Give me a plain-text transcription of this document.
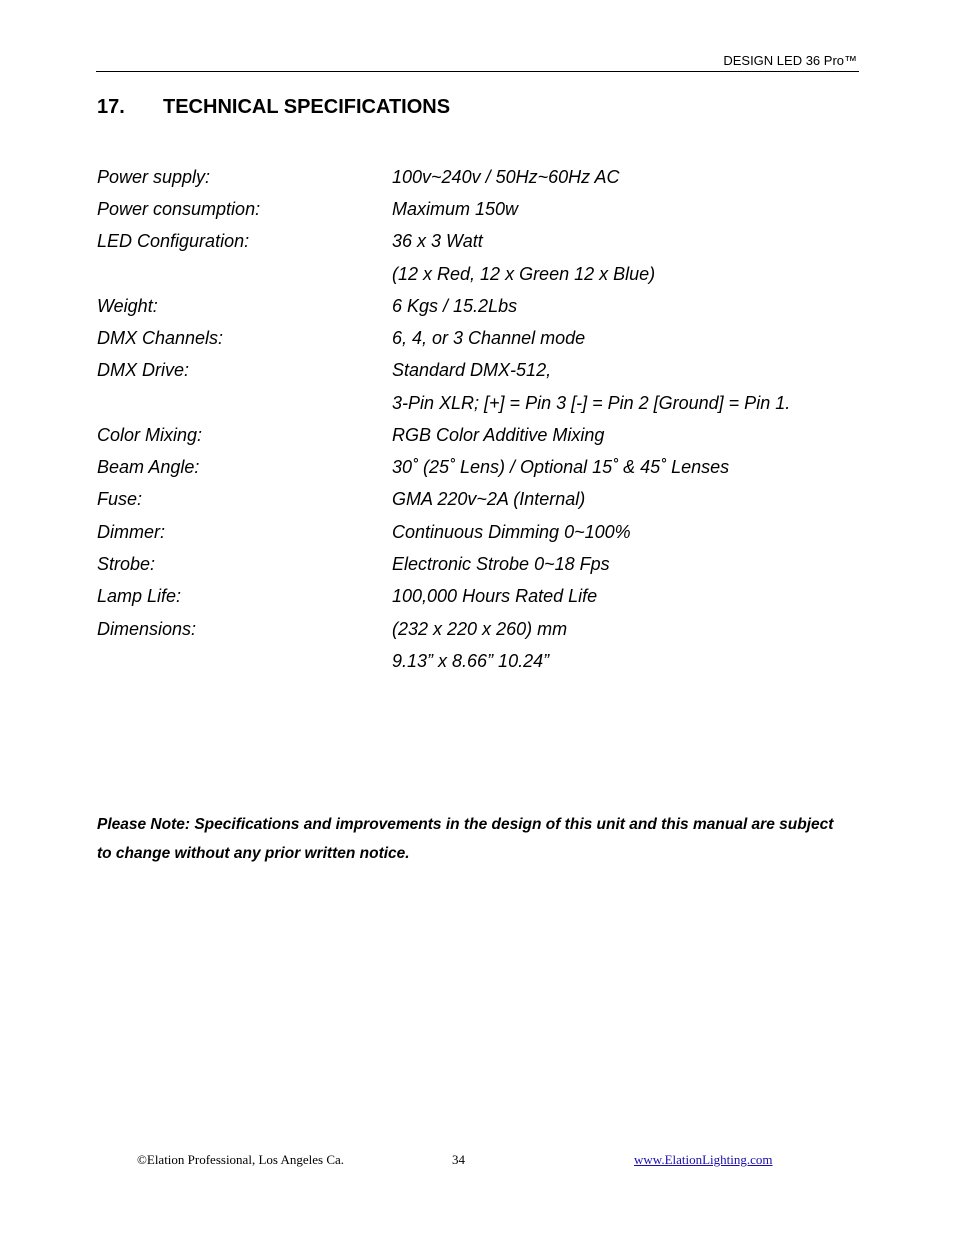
DESIGN LED 36 Pro™
17. TECHNICAL SPECIFICATIONS
Power supply:	100v~240v / 50Hz~60Hz AC
Power consumption:	Maximum 150w
LED Configuration:	36 x 3 Watt
(12 x Red, 12 x Green 12 x Blue)
Weight:	6 Kgs / 15.2Lbs
DMX Channels:	6, 4, or 3 Channel mode
DMX Drive:	Standard DMX-512,
3-Pin XLR; [+] = Pin 3 [-] = Pin 2 [Ground] = Pin 1.
Color Mixing:	RGB Color Additive Mixing
Beam Angle:	30˚ (25˚ Lens) / Optional 15˚ & 45˚ Lenses
Fuse:	GMA 220v~2A (Internal)
Dimmer:	Continuous Dimming 0~100%
Strobe:	Electronic Strobe 0~18 Fps
Lamp Life:	100,000 Hours Rated Life
Dimensions:	(232 x 220 x 260) mm
9.13” x 8.66” 10.24”
Please Note: Specifications and improvements in the design of this unit and this manual are subject to change without any prior written notice.
©Elation Professional, Los Angeles Ca.	34	www.ElationLighting.com
